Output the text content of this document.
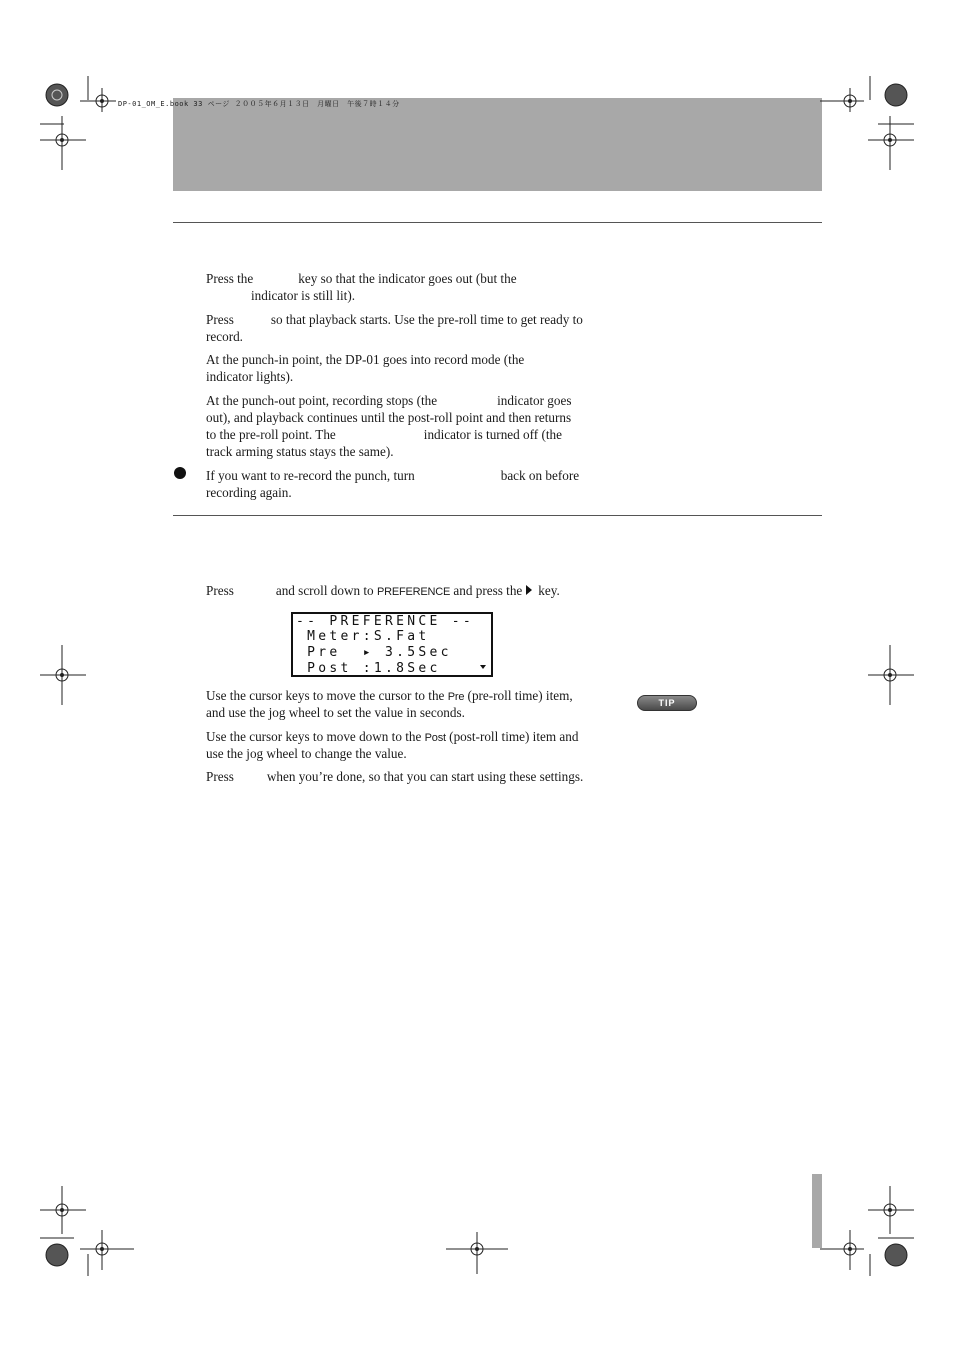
DP-01_OM_E.book 33 ページ ２００５年６月１３日　月曜日　午後７時１４分

Press the	key so that the indicator goes out (but the

indicator is still lit).

Press	so that playback starts. Use the pre-roll time to get ready to

record.

At the punch-in point, the DP-01 goes into record mode (the

indicator lights).

At the punch-out point, recording stops (the	indicator goes

out), and playback continues until the post-roll point and then returns

to the pre-roll point. The	indicator is turned off (the

track arming status stays the same).

If you want to re-record the punch, turn	back on before

recording again.

Press	and scroll down to PREFERENCE and press the key.

-- PREFERENCE --
Meter:S.Fat
Pre  ▸ 3.5Sec
Post :1.8Sec

Use the cursor keys to move the cursor to the Pre (pre-roll time) item,

and use the jog wheel to set the value in seconds.

TIP

Use the cursor keys to move down to the Post (post-roll time) item and

use the jog wheel to change the value.

Press	when you’re done, so that you can start using these settings.
